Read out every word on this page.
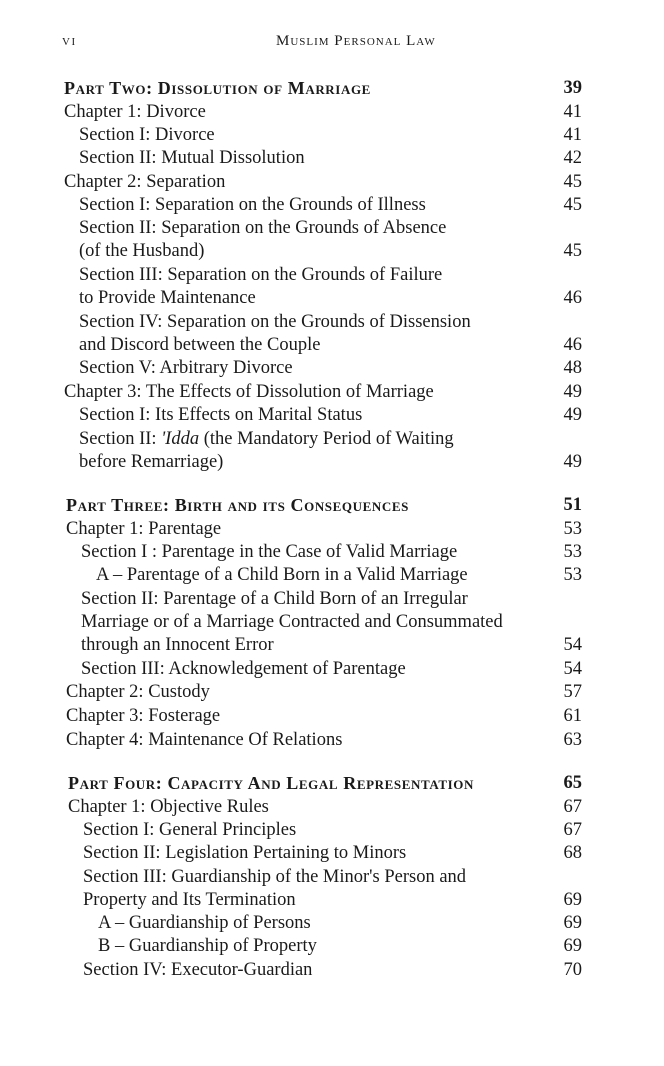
vi	Muslim Personal Law
Part Two: Dissolution of Marriage	39
Chapter 1: Divorce	41
Section I: Divorce	41
Section II: Mutual Dissolution	42
Chapter 2: Separation	45
Section I: Separation on the Grounds of Illness	45
Section II: Separation on the Grounds of Absence
(of the Husband)	45
Section III: Separation on the Grounds of Failure
to Provide Maintenance	46
Section IV: Separation on the Grounds of Dissension
and Discord between the Couple	46
Section V: Arbitrary Divorce	48
Chapter 3: The Effects of Dissolution of Marriage	49
Section I: Its Effects on Marital Status	49
Section II: 'Idda (the Mandatory Period of Waiting
before Remarriage)	49
Part Three: Birth and its Consequences	51
Chapter 1: Parentage	53
Section I : Parentage in the Case of Valid Marriage	53
A – Parentage of a Child Born in a Valid Marriage	53
Section II: Parentage of a Child Born of an Irregular
Marriage or of a Marriage Contracted and Consummated
through an Innocent Error	54
Section III: Acknowledgement of Parentage	54
Chapter 2: Custody	57
Chapter 3: Fosterage	61
Chapter 4: Maintenance Of Relations	63
Part Four: Capacity And Legal Representation	65
Chapter 1: Objective Rules	67
Section I: General Principles	67
Section II: Legislation Pertaining to Minors	68
Section III: Guardianship of the Minor's Person and
Property and Its Termination	69
A – Guardianship of Persons	69
B – Guardianship of Property	69
Section IV: Executor-Guardian	70
